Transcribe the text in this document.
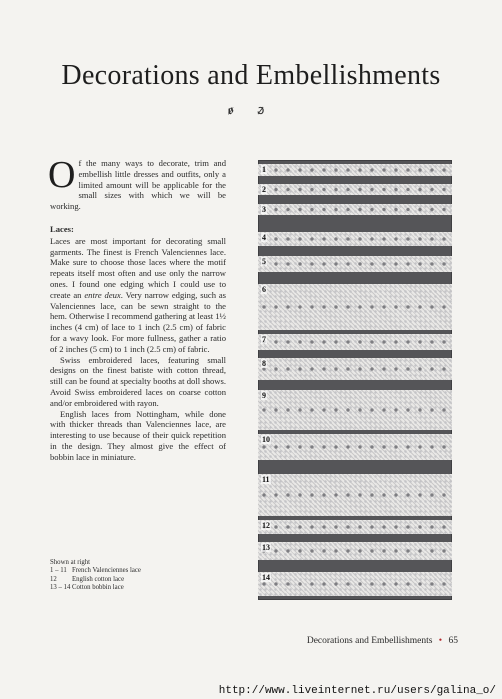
Decorations and Embellishments
ꬾ ꬿ

Of the many ways to decorate, trim and embellish little dresses and outfits, only a limited amount will be applicable for the small sizes with which we will be working.

Laces:

Laces are most important for decorating small garments. The finest is French Valenciennes lace. Make sure to choose those laces where the motif repeats itself most often and use only the narrow ones. I found one edging which I could use to create an entre deux. Very narrow edging, such as Valenciennes lace, can be sewn straight to the hem. Otherwise I recommend gathering at least 1½ inches (4 cm) of lace to 1 inch (2.5 cm) of fabric for a wavy look. For more fullness, gather a ratio of 2 inches (5 cm) to 1 inch (2.5 cm) of fabric.

Swiss embroidered laces, featuring small designs on the finest batiste with cotton thread, still can be found at specialty booths at doll shows. Avoid Swiss embroidered laces on coarse cotton and/or embroidered with rayon.

English laces from Nottingham, while done with thicker threads than Valenciennes lace, are interesting to use because of their quick repetition in the design. They almost give the effect of bobbin lace in miniature.

Shown at right
1 – 11 French Valenciennes lace
12	English cotton lace
13 – 14 Cotton bobbin lace
1
2
3
4
5
6
7
8
9
10
11
12
13
14
Decorations and Embellishments • 65
http://www.liveinternet.ru/users/galina_o/
